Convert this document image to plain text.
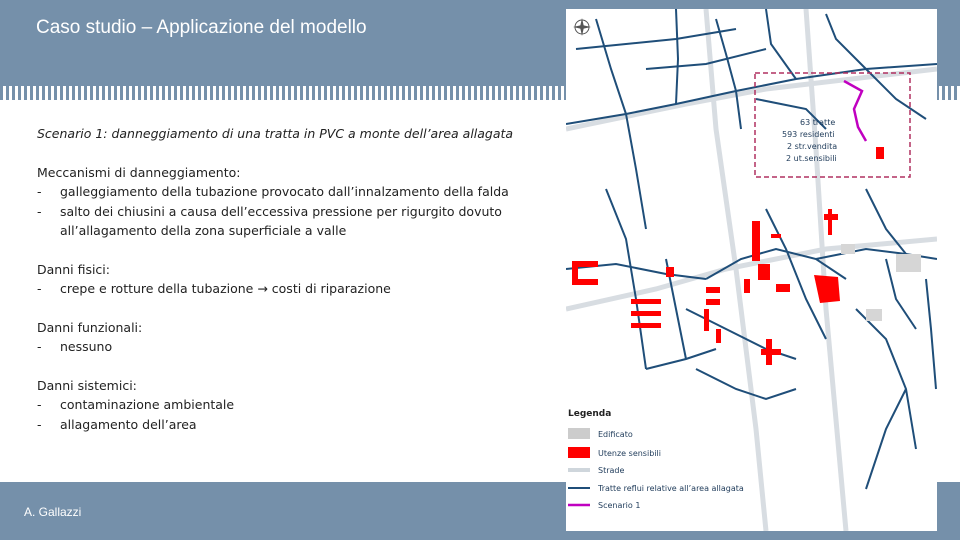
Caso studio – Applicazione del modello
Scenario 1: danneggiamento di una tratta in PVC a monte dell’area allagata
Meccanismi di danneggiamento:
-	galleggiamento della tubazione provocato dall’innalzamento della falda
-	salto dei chiusini a causa dell’eccessiva pressione per rigurgito dovuto all’allagamento della zona superficiale a valle
Danni fisici:
-	crepe e rotture della tubazione → costi di riparazione
Danni funzionali:
-	nessuno
Danni sistemici:
-	contaminazione ambientale
-	allagamento dell’area
A. Gallazzi
63 tratte
593 residenti
2 str.vendita
2 ut.sensibili
Legenda
Edificato
Utenze sensibili
Strade
Tratte reflui relative all’area allagata
Scenario 1
